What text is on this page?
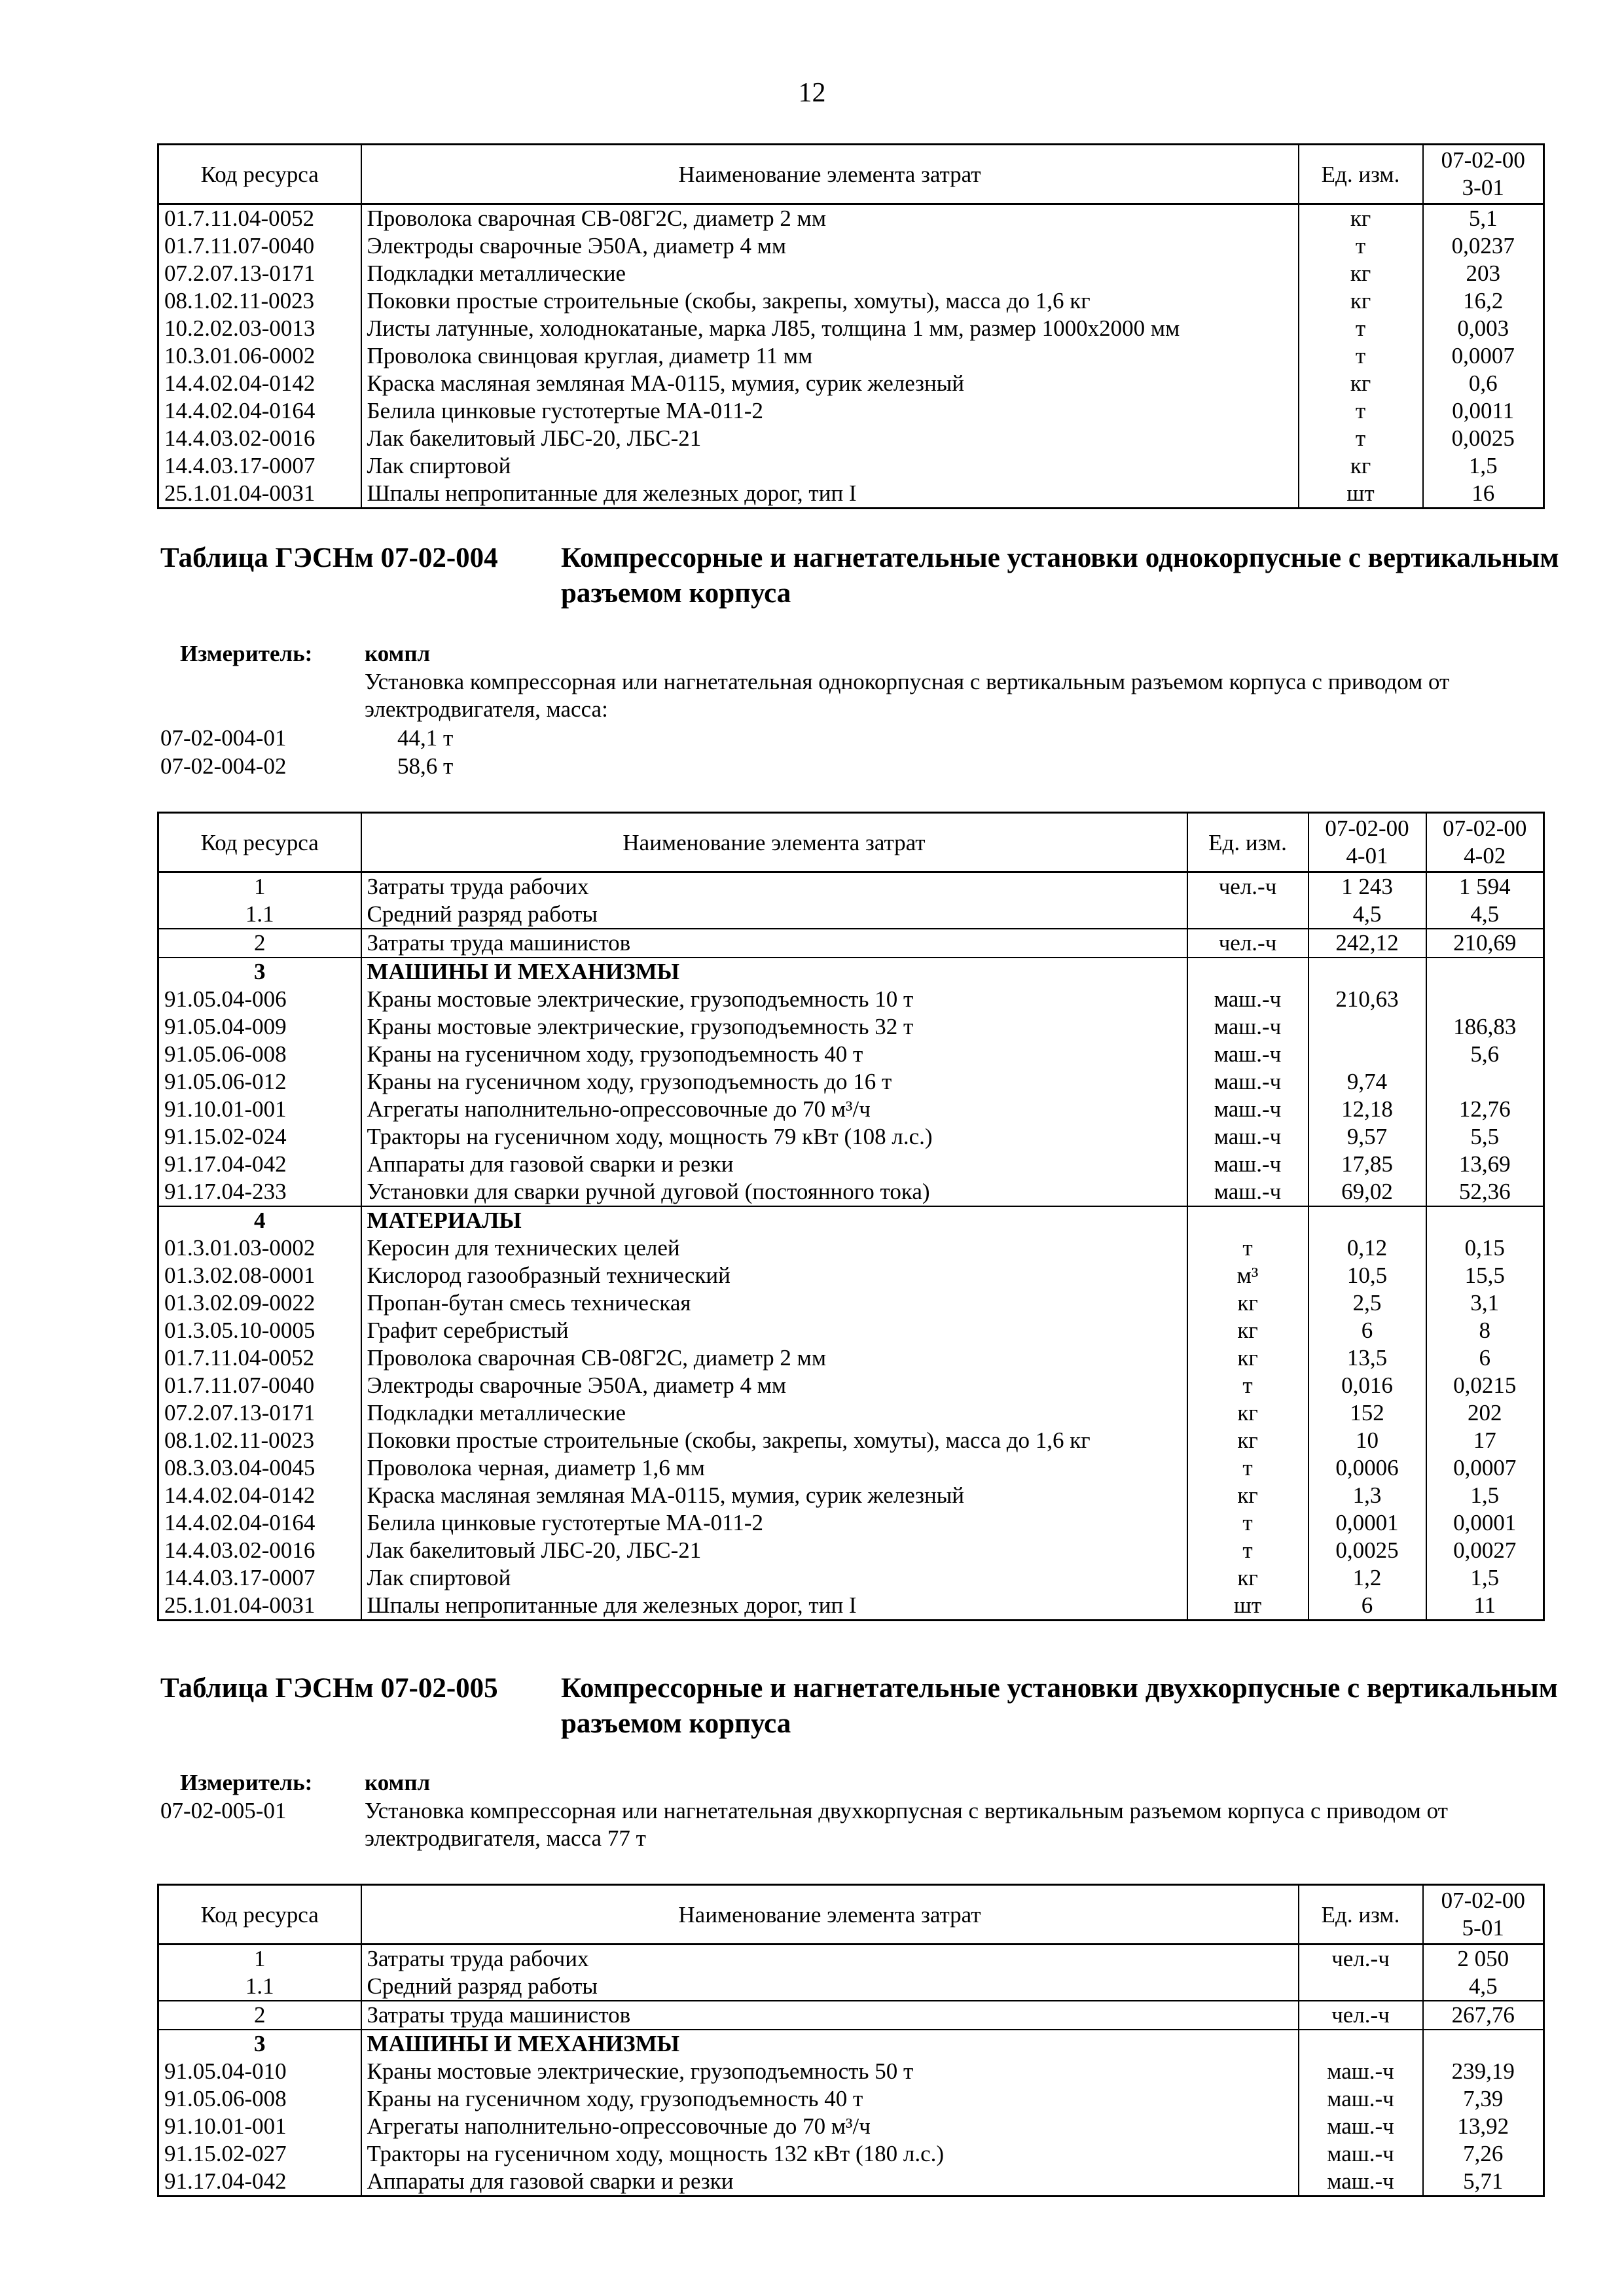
12
Код ресурса	Наименование элемента затрат	Ед. изм.	07-02-003-01
01.7.11.04-0052	Проволока сварочная СВ-08Г2С, диаметр 2 мм	кг	5,1
01.7.11.07-0040	Электроды сварочные Э50А, диаметр 4 мм	т	0,0237
07.2.07.13-0171	Подкладки металлические	кг	203
08.1.02.11-0023	Поковки простые строительные (скобы, закрепы, хомуты), масса до 1,6 кг	кг	16,2
10.2.02.03-0013	Листы латунные, холоднокатаные, марка Л85, толщина 1 мм, размер 1000х2000 мм	т	0,003
10.3.01.06-0002	Проволока свинцовая круглая, диаметр 11 мм	т	0,0007
14.4.02.04-0142	Краска масляная земляная МА-0115, мумия, сурик железный	кг	0,6
14.4.02.04-0164	Белила цинковые густотертые МА-011-2	т	0,0011
14.4.03.02-0016	Лак бакелитовый ЛБС-20, ЛБС-21	т	0,0025
14.4.03.17-0007	Лак спиртовой	кг	1,5
25.1.01.04-0031	Шпалы непропитанные для железных дорог, тип I	шт	16
Таблица ГЭСНм 07-02-004 Компрессорные и нагнетательные установки однокорпусные с вертикальным разъемом корпуса
Измеритель: компл
Установка компрессорная или нагнетательная однокорпусная с вертикальным разъемом корпуса с приводом от электродвигателя, масса:
07-02-004-01	44,1 т
07-02-004-02	58,6 т
Код ресурса	Наименование элемента затрат	Ед. изм.	07-02-004-01	07-02-004-02
1	Затраты труда рабочих	чел.-ч	1 243	1 594
1.1	Средний разряд работы		4,5	4,5
2	Затраты труда машинистов	чел.-ч	242,12	210,69
3	МАШИНЫ И МЕХАНИЗМЫ			
91.05.04-006	Краны мостовые электрические, грузоподъемность 10 т	маш.-ч	210,63	
91.05.04-009	Краны мостовые электрические, грузоподъемность 32 т	маш.-ч		186,83
91.05.06-008	Краны на гусеничном ходу, грузоподъемность 40 т	маш.-ч		5,6
91.05.06-012	Краны на гусеничном ходу, грузоподъемность до 16 т	маш.-ч	9,74	
91.10.01-001	Агрегаты наполнительно-опрессовочные до 70 м³/ч	маш.-ч	12,18	12,76
91.15.02-024	Тракторы на гусеничном ходу, мощность 79 кВт (108 л.с.)	маш.-ч	9,57	5,5
91.17.04-042	Аппараты для газовой сварки и резки	маш.-ч	17,85	13,69
91.17.04-233	Установки для сварки ручной дуговой (постоянного тока)	маш.-ч	69,02	52,36
4	МАТЕРИАЛЫ			
01.3.01.03-0002	Керосин для технических целей	т	0,12	0,15
01.3.02.08-0001	Кислород газообразный технический	м³	10,5	15,5
01.3.02.09-0022	Пропан-бутан смесь техническая	кг	2,5	3,1
01.3.05.10-0005	Графит серебристый	кг	6	8
01.7.11.04-0052	Проволока сварочная СВ-08Г2С, диаметр 2 мм	кг	13,5	6
01.7.11.07-0040	Электроды сварочные Э50А, диаметр 4 мм	т	0,016	0,0215
07.2.07.13-0171	Подкладки металлические	кг	152	202
08.1.02.11-0023	Поковки простые строительные (скобы, закрепы, хомуты), масса до 1,6 кг	кг	10	17
08.3.03.04-0045	Проволока черная, диаметр 1,6 мм	т	0,0006	0,0007
14.4.02.04-0142	Краска масляная земляная МА-0115, мумия, сурик железный	кг	1,3	1,5
14.4.02.04-0164	Белила цинковые густотертые МА-011-2	т	0,0001	0,0001
14.4.03.02-0016	Лак бакелитовый ЛБС-20, ЛБС-21	т	0,0025	0,0027
14.4.03.17-0007	Лак спиртовой	кг	1,2	1,5
25.1.01.04-0031	Шпалы непропитанные для железных дорог, тип I	шт	6	11
Таблица ГЭСНм 07-02-005 Компрессорные и нагнетательные установки двухкорпусные с вертикальным разъемом корпуса
Измеритель: компл
07-02-005-01	Установка компрессорная или нагнетательная двухкорпусная с вертикальным разъемом корпуса с приводом от электродвигателя, масса 77 т
Код ресурса	Наименование элемента затрат	Ед. изм.	07-02-005-01
1	Затраты труда рабочих	чел.-ч	2 050
1.1	Средний разряд работы		4,5
2	Затраты труда машинистов	чел.-ч	267,76
3	МАШИНЫ И МЕХАНИЗМЫ		
91.05.04-010	Краны мостовые электрические, грузоподъемность 50 т	маш.-ч	239,19
91.05.06-008	Краны на гусеничном ходу, грузоподъемность 40 т	маш.-ч	7,39
91.10.01-001	Агрегаты наполнительно-опрессовочные до 70 м³/ч	маш.-ч	13,92
91.15.02-027	Тракторы на гусеничном ходу, мощность 132 кВт (180 л.с.)	маш.-ч	7,26
91.17.04-042	Аппараты для газовой сварки и резки	маш.-ч	5,71
